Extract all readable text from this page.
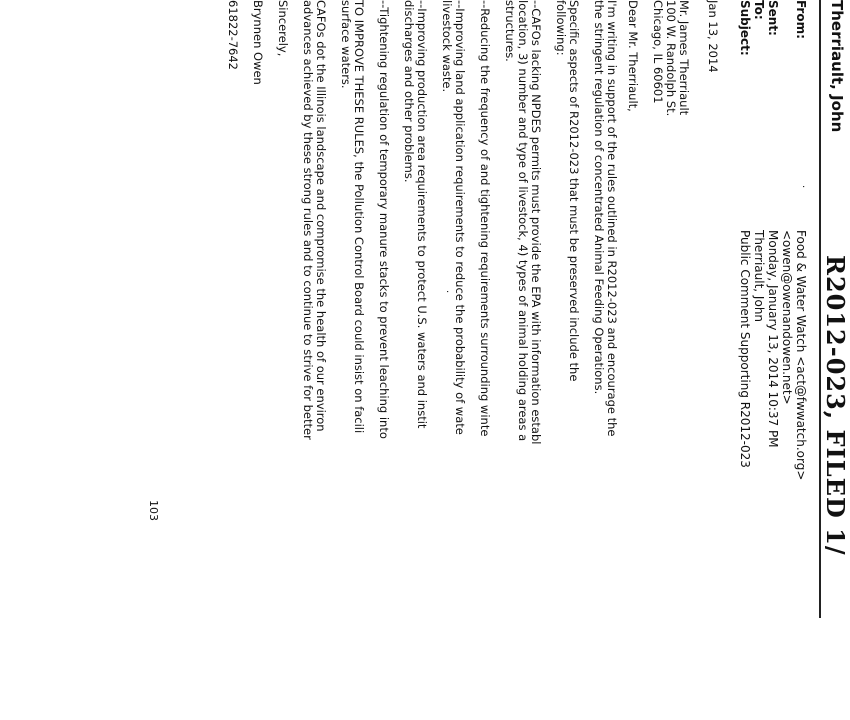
R2012-023, FILED 1/
Therriault, John
From:
Food & Water Watch <act@fwwatch.org>
<owen@owenandowen.net>
Sent:
Monday, January 13, 2014 10:37 PM
To:
Therriault, John
Subject:
Public Comment Supporting R2012-023
·
Jan 13, 2014
Mr. James Therriault
100 W. Randolph St.
Chicago, IL 60601
Dear Mr. Therriault,

I'm writing in support of the rules outlined in R2012-023 and encourage the
the stringent regulation of concentrated Animal Feeding Operations.

Specific aspects of R2012-023 that must be preserved include the
following:

--CAFOs lacking NPDES permits must provide the EPA with information establ
location, 3) number and type of livestock, 4) types of animal holding areas a
structures.

--Reducing the frequency of and tightening requirements surrounding winte

--Improving land application requirements to reduce the probability of wate
livestock waste.

--Improving production area requirements to protect U.S. waters and instit
discharges and other problems.

--Tightening regulation of temporary manure stacks to prevent leaching into

TO IMPROVE THESE RULES, the Pollution Control Board could insist on facili
surface waters.

CAFOs dot the Illinois landscape and compromise the health of our environ
advances achieved by these strong rules and to continue to strive for better

Sincerely,

Brynnen Owen

61822-7642

·
103
